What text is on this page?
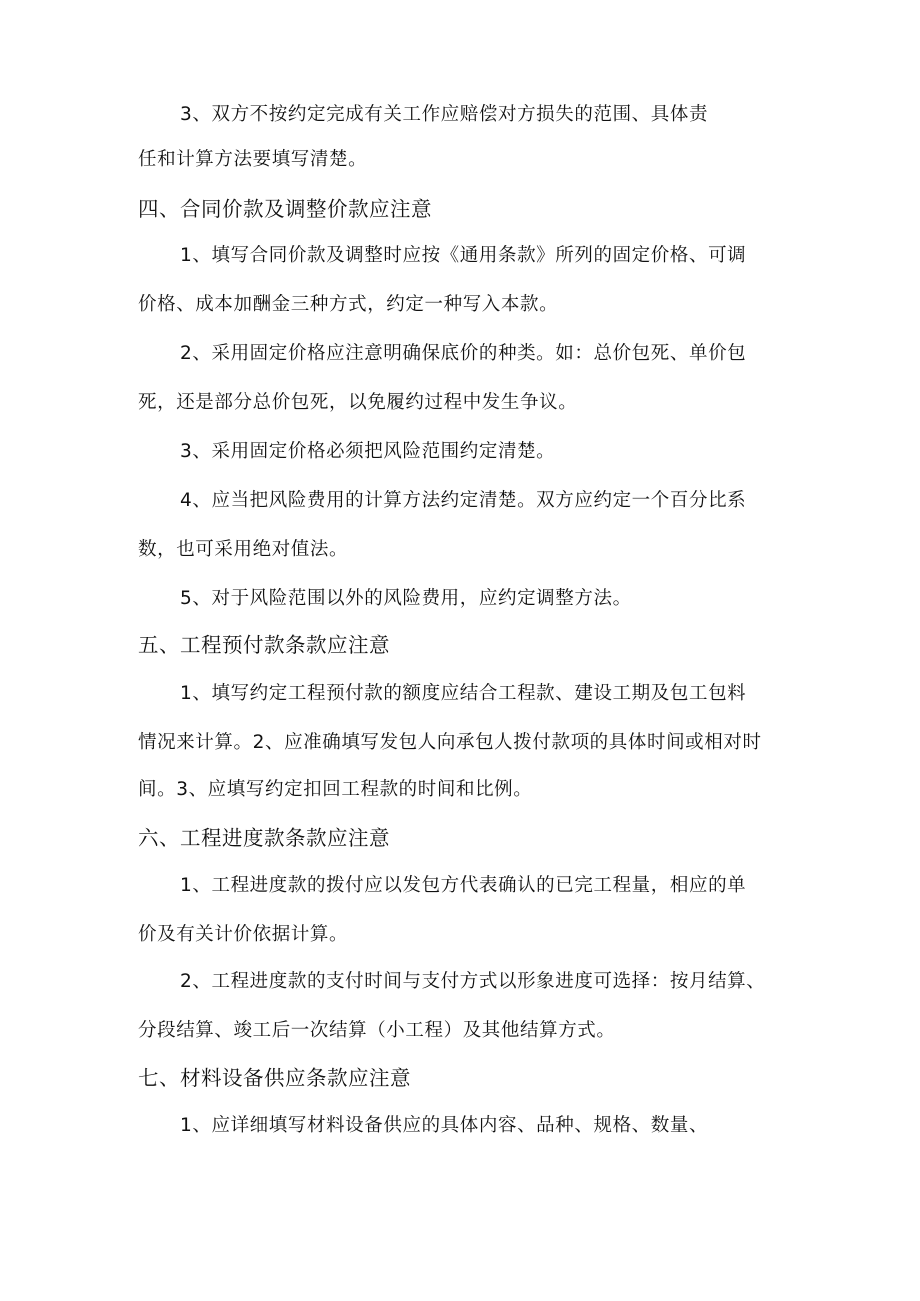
3、双方不按约定完成有关工作应赔偿对方损失的范围、具体责
任和计算方法要填写清楚。
四、合同价款及调整价款应注意
1、填写合同价款及调整时应按《通用条款》所列的固定价格、可调
价格、成本加酬金三种方式，约定一种写入本款。
2、采用固定价格应注意明确保底价的种类。如：总价包死、单价包
死，还是部分总价包死，以免履约过程中发生争议。
3、采用固定价格必须把风险范围约定清楚。
4、应当把风险费用的计算方法约定清楚。双方应约定一个百分比系
数，也可采用绝对值法。
5、对于风险范围以外的风险费用，应约定调整方法。
五、工程预付款条款应注意
1、填写约定工程预付款的额度应结合工程款、建设工期及包工包料
情况来计算。2、应准确填写发包人向承包人拨付款项的具体时间或相对时
间。3、应填写约定扣回工程款的时间和比例。
六、工程进度款条款应注意
1、工程进度款的拨付应以发包方代表确认的已完工程量，相应的单
价及有关计价依据计算。
2、工程进度款的支付时间与支付方式以形象进度可选择：按月结算、
分段结算、竣工后一次结算（小工程）及其他结算方式。
七、材料设备供应条款应注意
1、应详细填写材料设备供应的具体内容、品种、规格、数量、
